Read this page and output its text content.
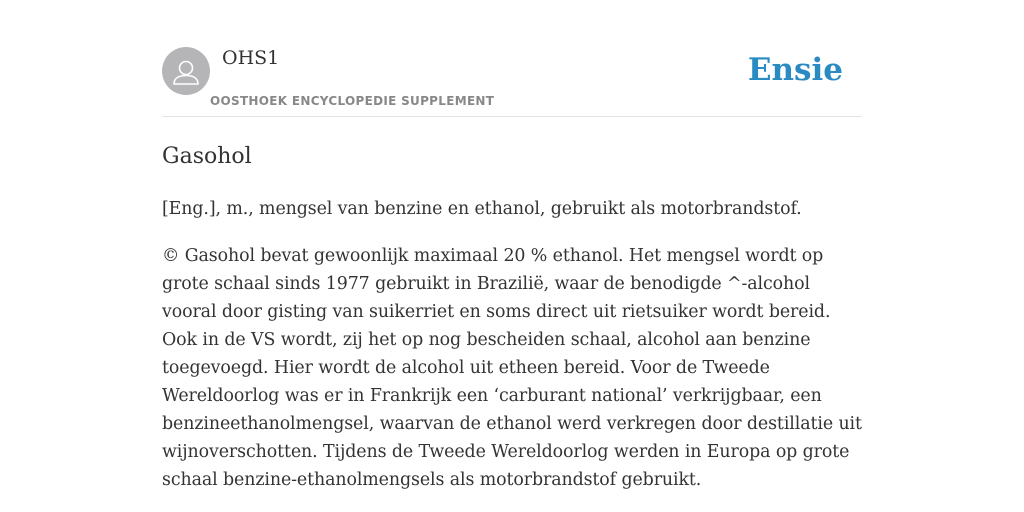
OHS1
OOSTHOEK ENCYCLOPEDIE SUPPLEMENT
Ensie
Gasohol

[Eng.], m., mengsel van benzine en ethanol, gebruikt als motorbrandstof.

© Gasohol bevat gewoonlijk maximaal 20 % ethanol. Het mengsel wordt op grote schaal sinds 1977 gebruikt in Brazilië, waar de benodigde ^-alcohol vooral door gisting van suikerriet en soms direct uit rietsuiker wordt bereid. Ook in de VS wordt, zij het op nog bescheiden schaal, alcohol aan benzine toegevoegd. Hier wordt de alcohol uit etheen bereid. Voor de Tweede Wereldoorlog was er in Frankrijk een ‘carburant national’ verkrijgbaar, een benzineethanolmengsel, waarvan de ethanol werd verkregen door destillatie uit wijnoverschotten. Tijdens de Tweede Wereldoorlog werden in Europa op grote schaal benzine-ethanolmengsels als motorbrandstof gebruikt.
